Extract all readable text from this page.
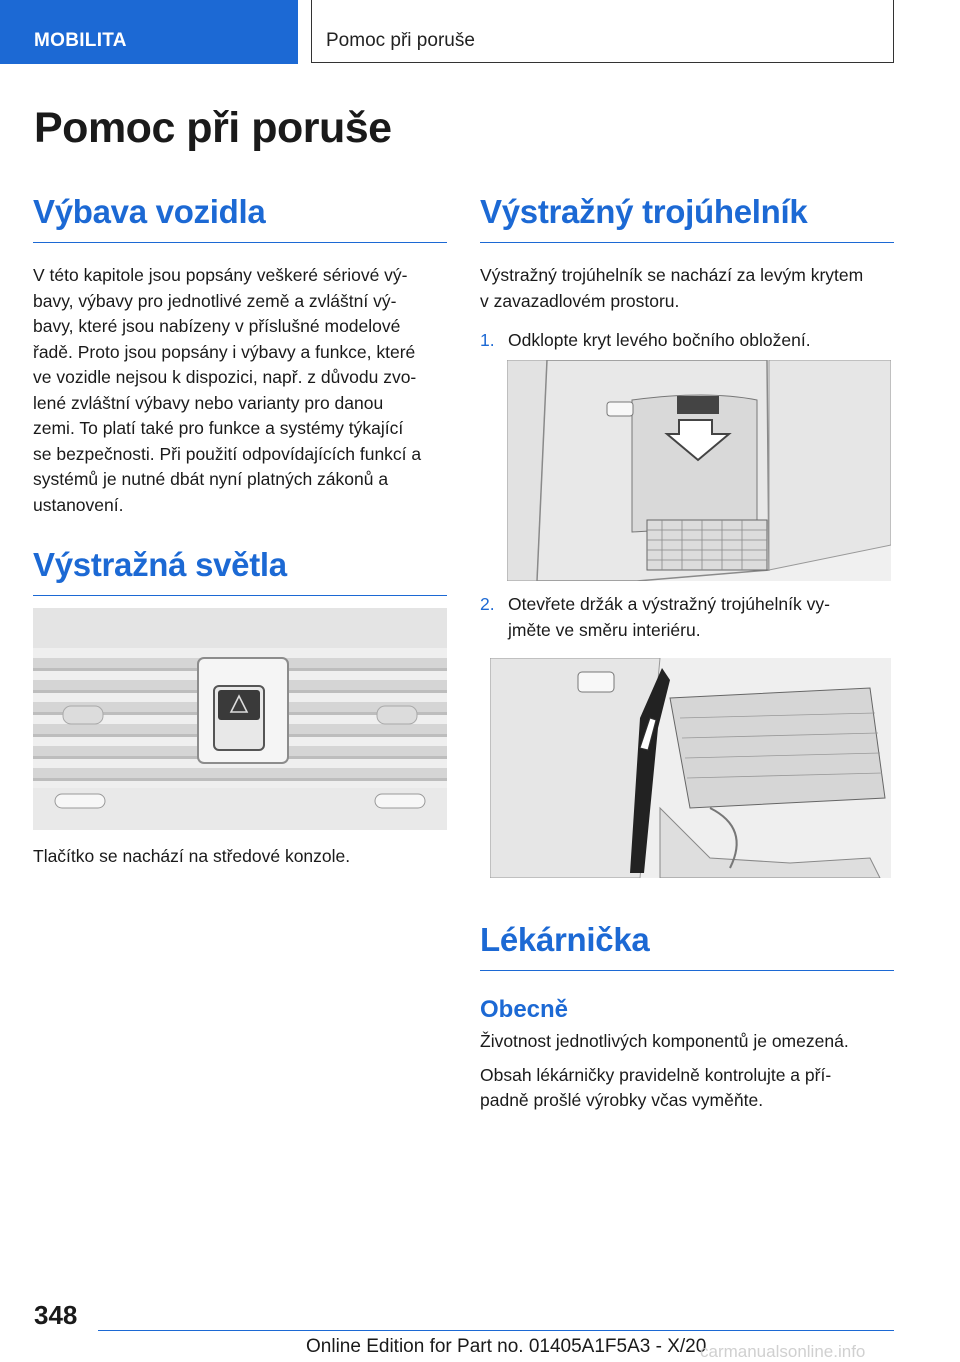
MOBILITA	Pomoc při poruše
Pomoc při poruše
Výbava vozidla

V této kapitole jsou popsány veškeré sériové vý-
bavy, výbavy pro jednotlivé země a zvláštní vý-
bavy, které jsou nabízeny v příslušné modelové
řadě. Proto jsou popsány i výbavy a funkce, které
ve vozidle nejsou k dispozici, např. z důvodu zvo-
lené zvláštní výbavy nebo varianty pro danou
zemi. To platí také pro funkce a systémy týkající
se bezpečnosti. Při použití odpovídajících funkcí a
systémů je nutné dbát nyní platných zákonů a
ustanovení.

Výstražná světla

Tlačítko se nachází na středové konzole.

Výstražný trojúhelník

Výstražný trojúhelník se nachází za levým krytem
v zavazadlovém prostoru.

1. Odklopte kryt levého bočního obložení.
2. Otevřete držák a výstražný trojúhelník vy-
jměte ve směru interiéru.
Lékárnička
Obecně

Životnost jednotlivých komponentů je omezená.

Obsah lékárničky pravidelně kontrolujte a pří-
padně prošlé výrobky včas vyměňte.

348
Online Edition for Part no. 01405A1F5A3 - X/20
carmanualsonline.info
